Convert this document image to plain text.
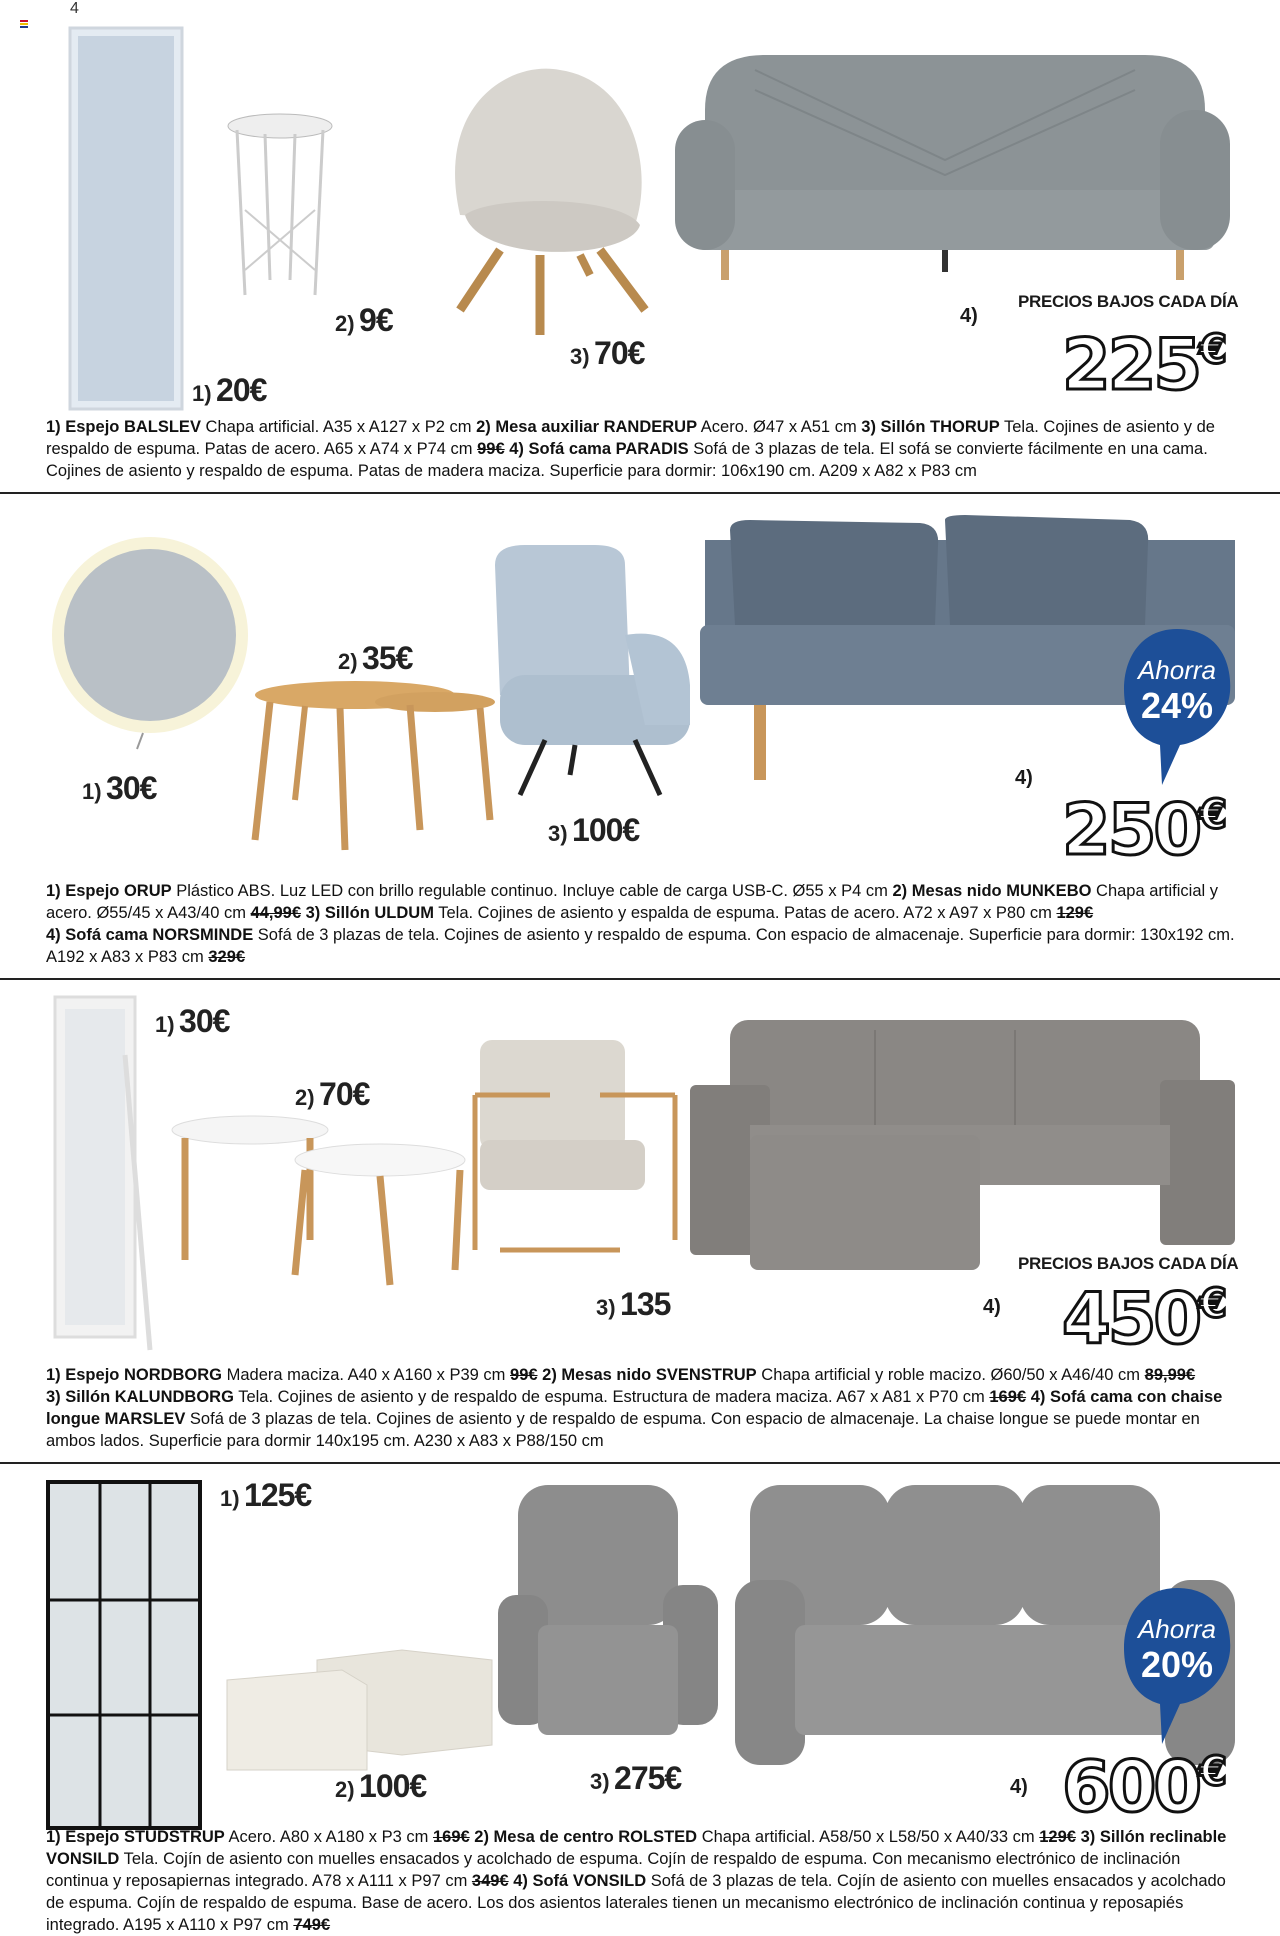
4
1) 20€
2) 9€
3) 70€
4)
PRECIOS BAJOS CADA DÍA
225€
1) Espejo BALSLEV Chapa artificial. A35 x A127 x P2 cm 2) Mesa auxiliar RANDERUP Acero. Ø47 x A51 cm 3) Sillón THORUP Tela. Cojines de asiento y de respaldo de espuma. Patas de acero. A65 x A74 x P74 cm 99€ 4) Sofá cama PARADIS Sofá de 3 plazas de tela. El sofá se convierte fácilmente en una cama. Cojines de asiento y respaldo de espuma. Patas de madera maciza. Superficie para dormir: 106x190 cm. A209 x A82 x P83 cm
Ahorra
24%
1) 30€
2) 35€
3) 100€
4)
250€
1) Espejo ORUP Plástico ABS. Luz LED con brillo regulable continuo. Incluye cable de carga USB-C. Ø55 x P4 cm 2) Mesas nido MUNKEBO Chapa artificial y acero. Ø55/45 x A43/40 cm 44,99€ 3) Sillón ULDUM Tela. Cojines de asiento y espalda de espuma. Patas de acero. A72 x A97 x P80 cm 129€
4) Sofá cama NORSMINDE Sofá de 3 plazas de tela. Cojines de asiento y respaldo de espuma. Con espacio de almacenaje. Superficie para dormir: 130x192 cm. A192 x A83 x P83 cm 329€
1) 30€
2) 70€
3) 135	4)
PRECIOS BAJOS CADA DÍA
450€
1) Espejo NORDBORG Madera maciza. A40 x A160 x P39 cm 99€ 2) Mesas nido SVENSTRUP Chapa artificial y roble macizo. Ø60/50 x A46/40 cm 89,99€
3) Sillón KALUNDBORG Tela. Cojines de asiento y de respaldo de espuma. Estructura de madera maciza. A67 x A81 x P70 cm 169€ 4) Sofá cama con chaise longue MARSLEV Sofá de 3 plazas de tela. Cojines de asiento y de respaldo de espuma. Con espacio de almacenaje. La chaise longue se puede montar en ambos lados. Superficie para dormir 140x195 cm. A230 x A83 x P88/150 cm
Ahorra
20%
1) 125€
2) 100€	3) 275€	4) 600€
1) Espejo STUDSTRUP Acero. A80 x A180 x P3 cm 169€ 2) Mesa de centro ROLSTED Chapa artificial. A58/50 x L58/50 x A40/33 cm 129€ 3) Sillón reclinable VONSILD Tela. Cojín de asiento con muelles ensacados y acolchado de espuma. Cojín de respaldo de espuma. Con mecanismo electrónico de inclinación continua y reposapiernas integrado. A78 x A111 x P97 cm 349€ 4) Sofá VONSILD Sofá de 3 plazas de tela. Cojín de asiento con muelles ensacados y acolchado de espuma. Cojín de respaldo de espuma. Base de acero. Los dos asientos laterales tienen un mecanismo electrónico de inclinación continua y reposapiés integrado. A195 x A110 x P97 cm 749€
